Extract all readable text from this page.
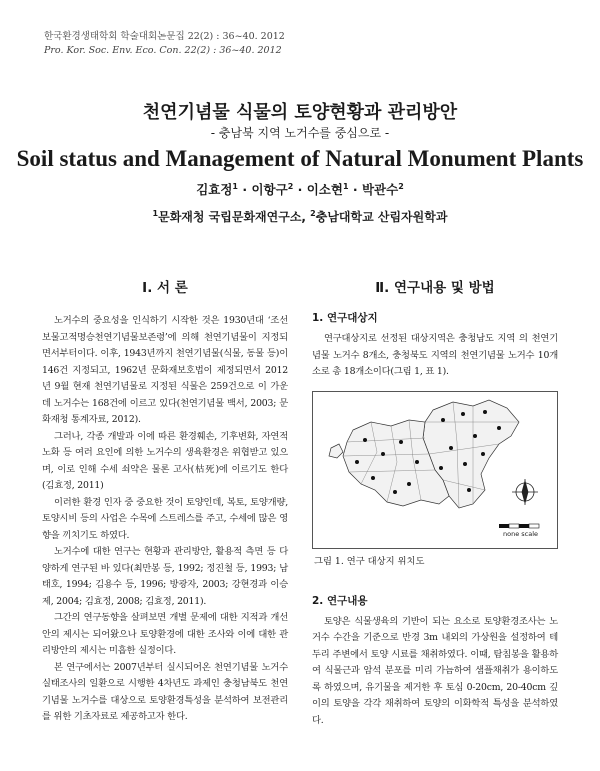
한국환경생태학회 학술대회논문집 22(2) : 36~40. 2012
Pro. Kor. Soc. Env. Eco. Con. 22(2) : 36~40. 2012
천연기념물 식물의 토양현황과 관리방안
- 충남북 지역 노거수를 중심으로 -
Soil status and Management of Natural Monument Plants
김효정$^1$ · 이항구$^2$ · 이소현$^1$ · 박관수$^2$
$^1$문화재청 국립문화재연구소, $^2$충남대학교 산림자원학과
Ⅰ. 서 론

노거수의 중요성을 인식하기 시작한 것은 1930년대 ‘조선보물고적명승천연기념물보존령’에 의해 천연기념물이 지정되면서부터이다. 이후, 1943년까지 천연기념물(식물, 동물 등)이 146건 지정되고, 1962년 문화재보호법이 제정되면서 2012년 9월 현재 천연기념물로 지정된 식물은 259건으로 이 가운데 노거수는 168건에 이르고 있다(천연기념물 백서, 2003; 문화재청 통계자료, 2012).

그러나, 각종 개발과 이에 따른 환경훼손, 기후변화, 자연적 노화 등 여러 요인에 의한 노거수의 생육환경은 위협받고 있으며, 이로 인해 수세 쇠약은 물론 고사(枯死)에 이르기도 한다(김효정, 2011)

이러한 환경 인자 중 중요한 것이 토양인데, 복토, 토양개량, 토양시비 등의 사업은 수목에 스트레스를 주고, 수세에 많은 영향을 끼치기도 하였다.

노거수에 대한 연구는 현황과 관리방안, 활용적 측면 등 다양하게 연구된 바 있다(최만봉 등, 1992; 정진철 등, 1993; 남태호, 1994; 김용수 등, 1996; 방광자, 2003; 강현경과 이승제, 2004; 김효정, 2008; 김효정, 2011).

그간의 연구동향을 살펴보면 개별 문제에 대한 지적과 개선안의 제시는 되어왔으나 토양환경에 대한 조사와 이에 대한 관리방안의 제시는 미흡한 실정이다.

본 연구에서는 2007년부터 실시되어온 천연기념물 노거수 실태조사의 일환으로 시행한 4차년도 과제인 충청남북도 천연기념물 노거수를 대상으로 토양환경특성을 분석하여 보전관리를 위한 기초자료로 제공하고자 한다.

Ⅱ. 연구내용 및 방법
1. 연구대상지

연구대상지로 선정된 대상지역은 충청남도 지역 의 천연기념물 노거수 8개소, 충청북도 지역의 천연기념물 노거수 10개소로 총 18개소이다(그림 1, 표 1).

none scale
그림 1. 연구 대상지 위치도
2. 연구내용

토양은 식물생육의 기반이 되는 요소로 토양환경조사는 노거수 수간을 기준으로 반경 3m 내외의 가상원을 설정하여 테두리 주변에서 토양 시료를 채취하였다. 이때, 탐침봉을 활용하여 식물근과 암석 분포를 미리 가늠하여 샘플채취가 용이하도록 하였으며, 유기물을 제거한 후 토심 0-20cm, 20-40cm 깊이의 토양을 각각 채취하여 토양의 이화학적 특성을 분석하였다.
